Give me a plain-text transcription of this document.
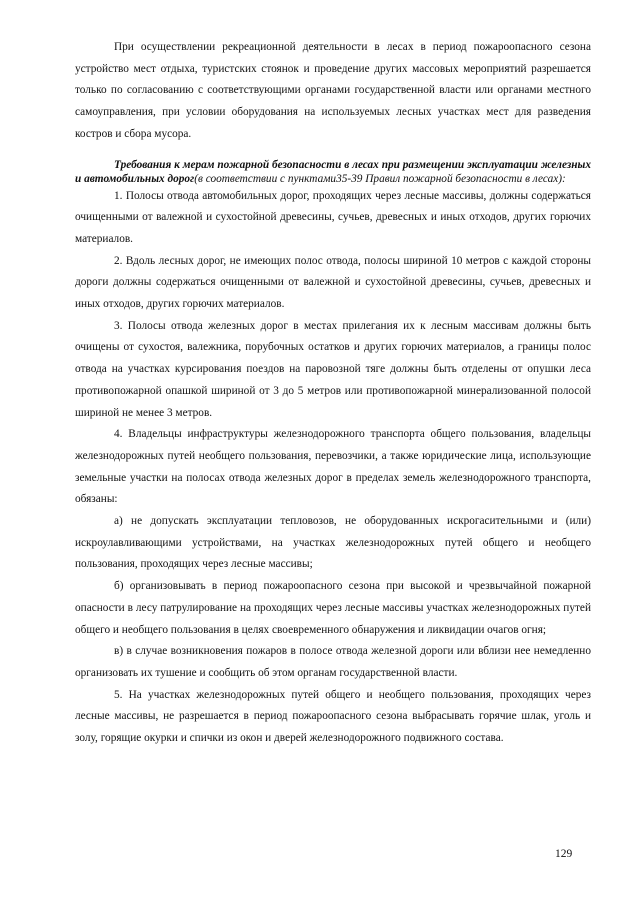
При осуществлении рекреационной деятельности в лесах в период пожароопасного сезона устройство мест отдыха, туристских стоянок и проведение других массовых мероприятий разрешается только по согласованию с соответствующими органами государственной власти или органами местного самоуправления, при условии оборудования на используемых лесных участках мест для разведения костров и сбора мусора.

Требования к мерам пожарной безопасности в лесах при размещении эксплуатации железных и автомобильных дорог(в соответствии с пунктами35-39 Правил пожарной безопасности в лесах):

1. Полосы отвода автомобильных дорог, проходящих через лесные массивы, должны содержаться очищенными от валежной и сухостойной древесины, сучьев, древесных и иных отходов, других горючих материалов.

2. Вдоль лесных дорог, не имеющих полос отвода, полосы шириной 10 метров с каждой стороны дороги должны содержаться очищенными от валежной и сухостойной древесины, сучьев, древесных и иных отходов, других горючих материалов.

3. Полосы отвода железных дорог в местах прилегания их к лесным массивам должны быть очищены от сухостоя, валежника, порубочных остатков и других горючих материалов, а границы полос отвода на участках курсирования поездов на паровозной тяге должны быть отделены от опушки леса противопожарной опашкой шириной от 3 до 5 метров или противопожарной минерализованной полосой шириной не менее 3 метров.

4. Владельцы инфраструктуры железнодорожного транспорта общего пользования, владельцы железнодорожных путей необщего пользования, перевозчики, а также юридические лица, использующие земельные участки на полосах отвода железных дорог в пределах земель железнодорожного транспорта, обязаны:

а) не допускать эксплуатации тепловозов, не оборудованных искрогасительными и (или) искроулавливающими устройствами, на участках железнодорожных путей общего и необщего пользования, проходящих через лесные массивы;

б) организовывать в период пожароопасного сезона при высокой и чрезвычайной пожарной опасности в лесу патрулирование на проходящих через лесные массивы участках железнодорожных путей общего и необщего пользования в целях своевременного обнаружения и ликвидации очагов огня;

в) в случае возникновения пожаров в полосе отвода железной дороги или вблизи нее немедленно организовать их тушение и сообщить об этом органам государственной власти.

5. На участках железнодорожных путей общего и необщего пользования, проходящих через лесные массивы, не разрешается в период пожароопасного сезона выбрасывать горячие шлак, уголь и золу, горящие окурки и спички из окон и дверей железнодорожного подвижного состава.

129
